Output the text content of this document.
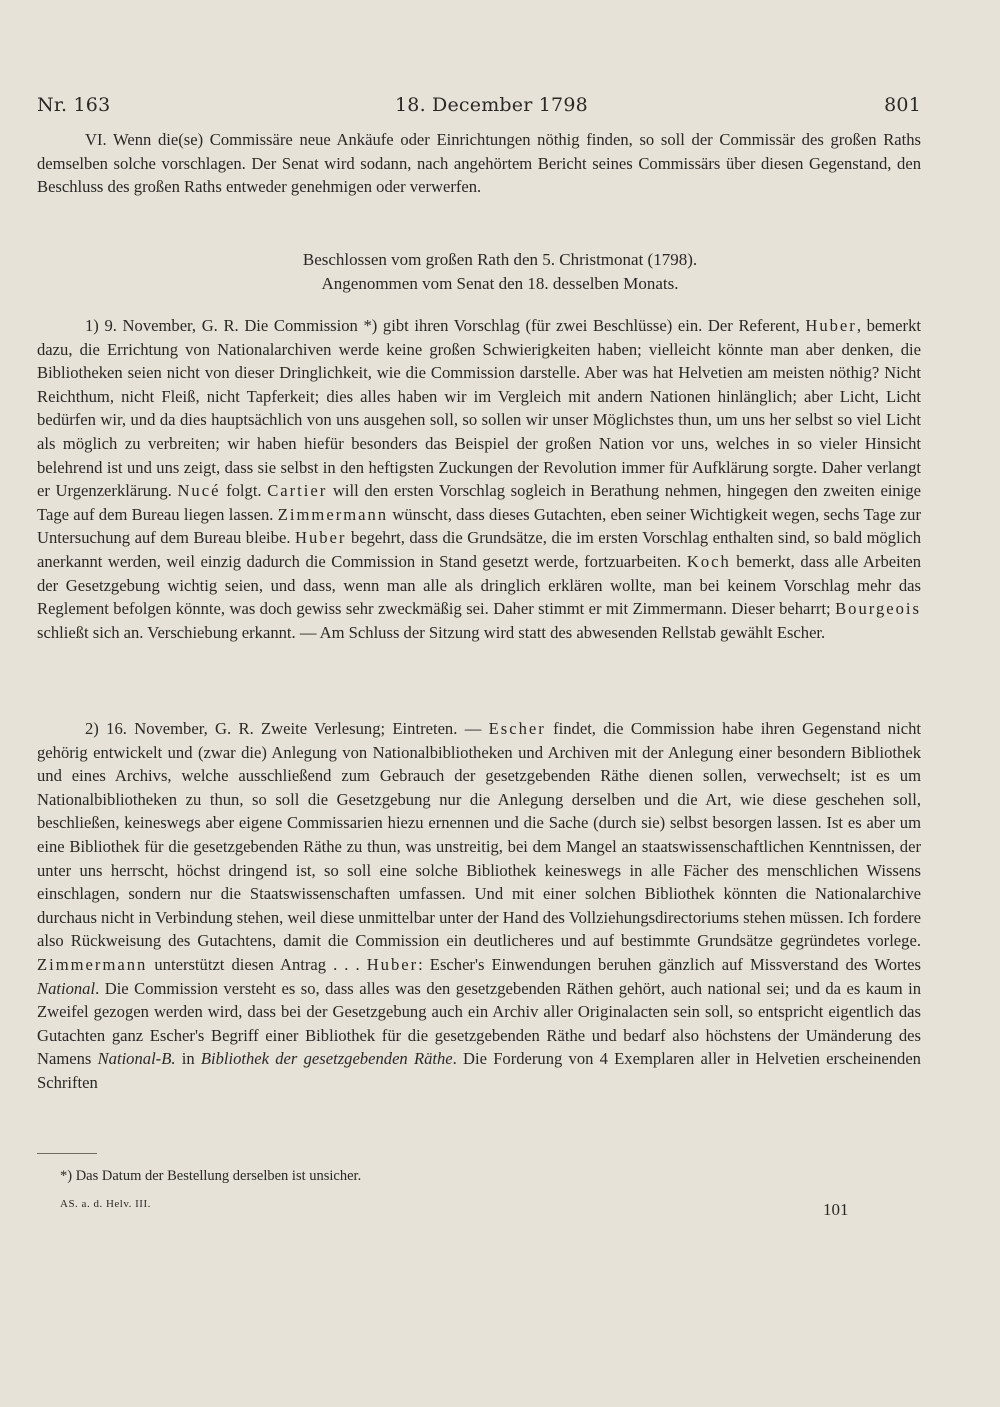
Nr. 163	18. December 1798	801

VI. Wenn die(se) Commissäre neue Ankäufe oder Einrichtungen nöthig finden, so soll der Commissär des großen Raths demselben solche vorschlagen. Der Senat wird sodann, nach angehörtem Bericht seines Commissärs über diesen Gegenstand, den Beschluss des großen Raths entweder genehmigen oder verwerfen.

Beschlossen vom großen Rath den 5. Christmonat (1798).
Angenommen vom Senat den 18. desselben Monats.

1) 9. November, G. R. Die Commission *) gibt ihren Vorschlag (für zwei Beschlüsse) ein. Der Referent, Huber, bemerkt dazu, die Errichtung von Nationalarchiven werde keine großen Schwierigkeiten haben; vielleicht könnte man aber denken, die Bibliotheken seien nicht von dieser Dringlichkeit, wie die Commission darstelle. Aber was hat Helvetien am meisten nöthig? Nicht Reichthum, nicht Fleiß, nicht Tapferkeit; dies alles haben wir im Vergleich mit andern Nationen hinlänglich; aber Licht, Licht bedürfen wir, und da dies hauptsächlich von uns ausgehen soll, so sollen wir unser Möglichstes thun, um uns her selbst so viel Licht als möglich zu verbreiten; wir haben hiefür besonders das Beispiel der großen Nation vor uns, welches in so vieler Hinsicht belehrend ist und uns zeigt, dass sie selbst in den heftigsten Zuckungen der Revolution immer für Aufklärung sorgte. Daher verlangt er Urgenzerklärung. Nucé folgt. Cartier will den ersten Vorschlag sogleich in Berathung nehmen, hingegen den zweiten einige Tage auf dem Bureau liegen lassen. Zimmermann wünscht, dass dieses Gutachten, eben seiner Wichtigkeit wegen, sechs Tage zur Untersuchung auf dem Bureau bleibe. Huber begehrt, dass die Grundsätze, die im ersten Vorschlag enthalten sind, so bald möglich anerkannt werden, weil einzig dadurch die Commission in Stand gesetzt werde, fortzuarbeiten. Koch bemerkt, dass alle Arbeiten der Gesetzgebung wichtig seien, und dass, wenn man alle als dringlich erklären wollte, man bei keinem Vorschlag mehr das Reglement befolgen könnte, was doch gewiss sehr zweckmäßig sei. Daher stimmt er mit Zimmermann. Dieser beharrt; Bourgeois schließt sich an. Verschiebung erkannt. — Am Schluss der Sitzung wird statt des abwesenden Rellstab gewählt Escher.

2) 16. November, G. R. Zweite Verlesung; Eintreten. — Escher findet, die Commission habe ihren Gegenstand nicht gehörig entwickelt und (zwar die) Anlegung von Nationalbibliotheken und Archiven mit der Anlegung einer besondern Bibliothek und eines Archivs, welche ausschließend zum Gebrauch der gesetzgebenden Räthe dienen sollen, verwechselt; ist es um Nationalbibliotheken zu thun, so soll die Gesetzgebung nur die Anlegung derselben und die Art, wie diese geschehen soll, beschließen, keineswegs aber eigene Commissarien hiezu ernennen und die Sache (durch sie) selbst besorgen lassen. Ist es aber um eine Bibliothek für die gesetzgebenden Räthe zu thun, was unstreitig, bei dem Mangel an staatswissenschaftlichen Kenntnissen, der unter uns herrscht, höchst dringend ist, so soll eine solche Bibliothek keineswegs in alle Fächer des menschlichen Wissens einschlagen, sondern nur die Staatswissenschaften umfassen. Und mit einer solchen Bibliothek könnten die Nationalarchive durchaus nicht in Verbindung stehen, weil diese unmittelbar unter der Hand des Vollziehungsdirectoriums stehen müssen. Ich fordere also Rückweisung des Gutachtens, damit die Commission ein deutlicheres und auf bestimmte Grundsätze gegründetes vorlege. Zimmermann unterstützt diesen Antrag . . . Huber: Escher's Einwendungen beruhen gänzlich auf Missverstand des Wortes National. Die Commission versteht es so, dass alles was den gesetzgebenden Räthen gehört, auch national sei; und da es kaum in Zweifel gezogen werden wird, dass bei der Gesetzgebung auch ein Archiv aller Originalacten sein soll, so entspricht eigentlich das Gutachten ganz Escher's Begriff einer Bibliothek für die gesetzgebenden Räthe und bedarf also höchstens der Umänderung des Namens National-B. in Bibliothek der gesetzgebenden Räthe. Die Forderung von 4 Exemplaren aller in Helvetien erscheinenden Schriften

*) Das Datum der Bestellung derselben ist unsicher.
AS. a. d. Helv. III.	101
